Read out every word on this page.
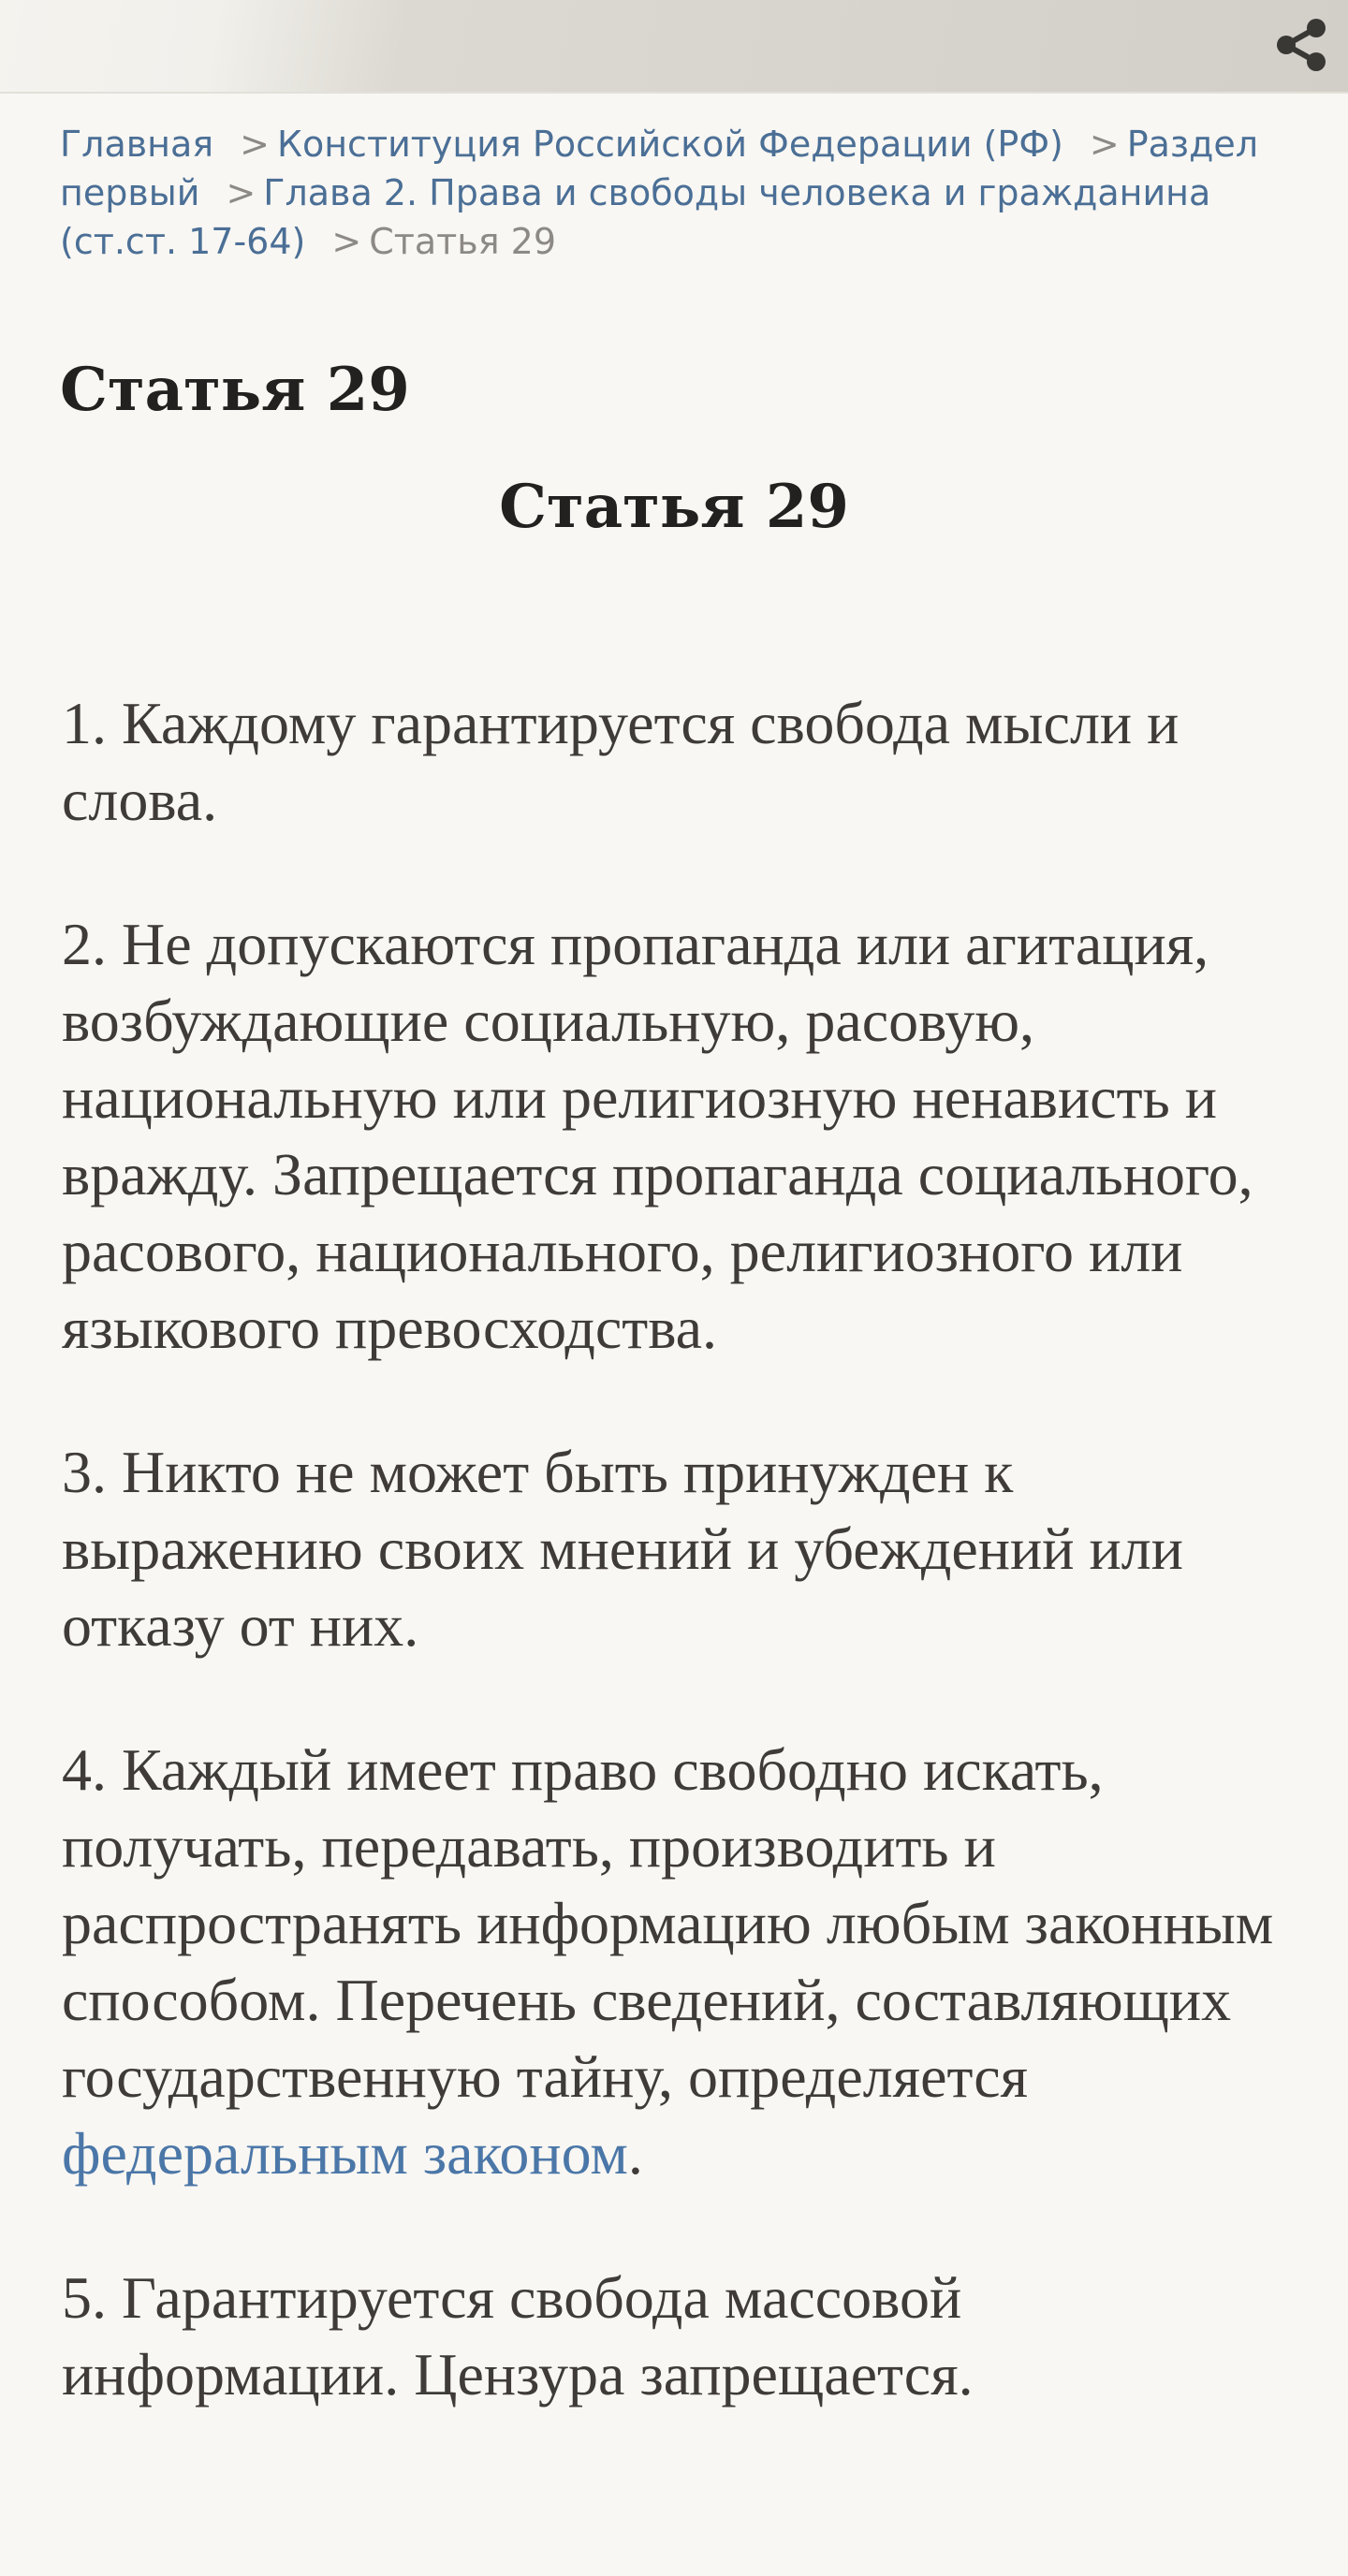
Главная > Конституция Российской Федерации (РФ) > Раздел первый > Глава 2. Права и свободы человека и гражданина (ст.ст. 17-64) > Статья 29
Статья 29
Статья 29

1. Каждому гарантируется свобода мысли и слова.

2. Не допускаются пропаганда или агитация, возбуждающие социальную, расовую, национальную или религиозную ненависть и вражду. Запрещается пропаганда социального, расового, национального, религиозного или языкового превосходства.

3. Никто не может быть принужден к выражению своих мнений и убеждений или отказу от них.

4. Каждый имеет право свободно искать, получать, передавать, производить и распространять информацию любым законным способом. Перечень сведений, составляющих государственную тайну, определяется федеральным законом.

5. Гарантируется свобода массовой информации. Цензура запрещается.
